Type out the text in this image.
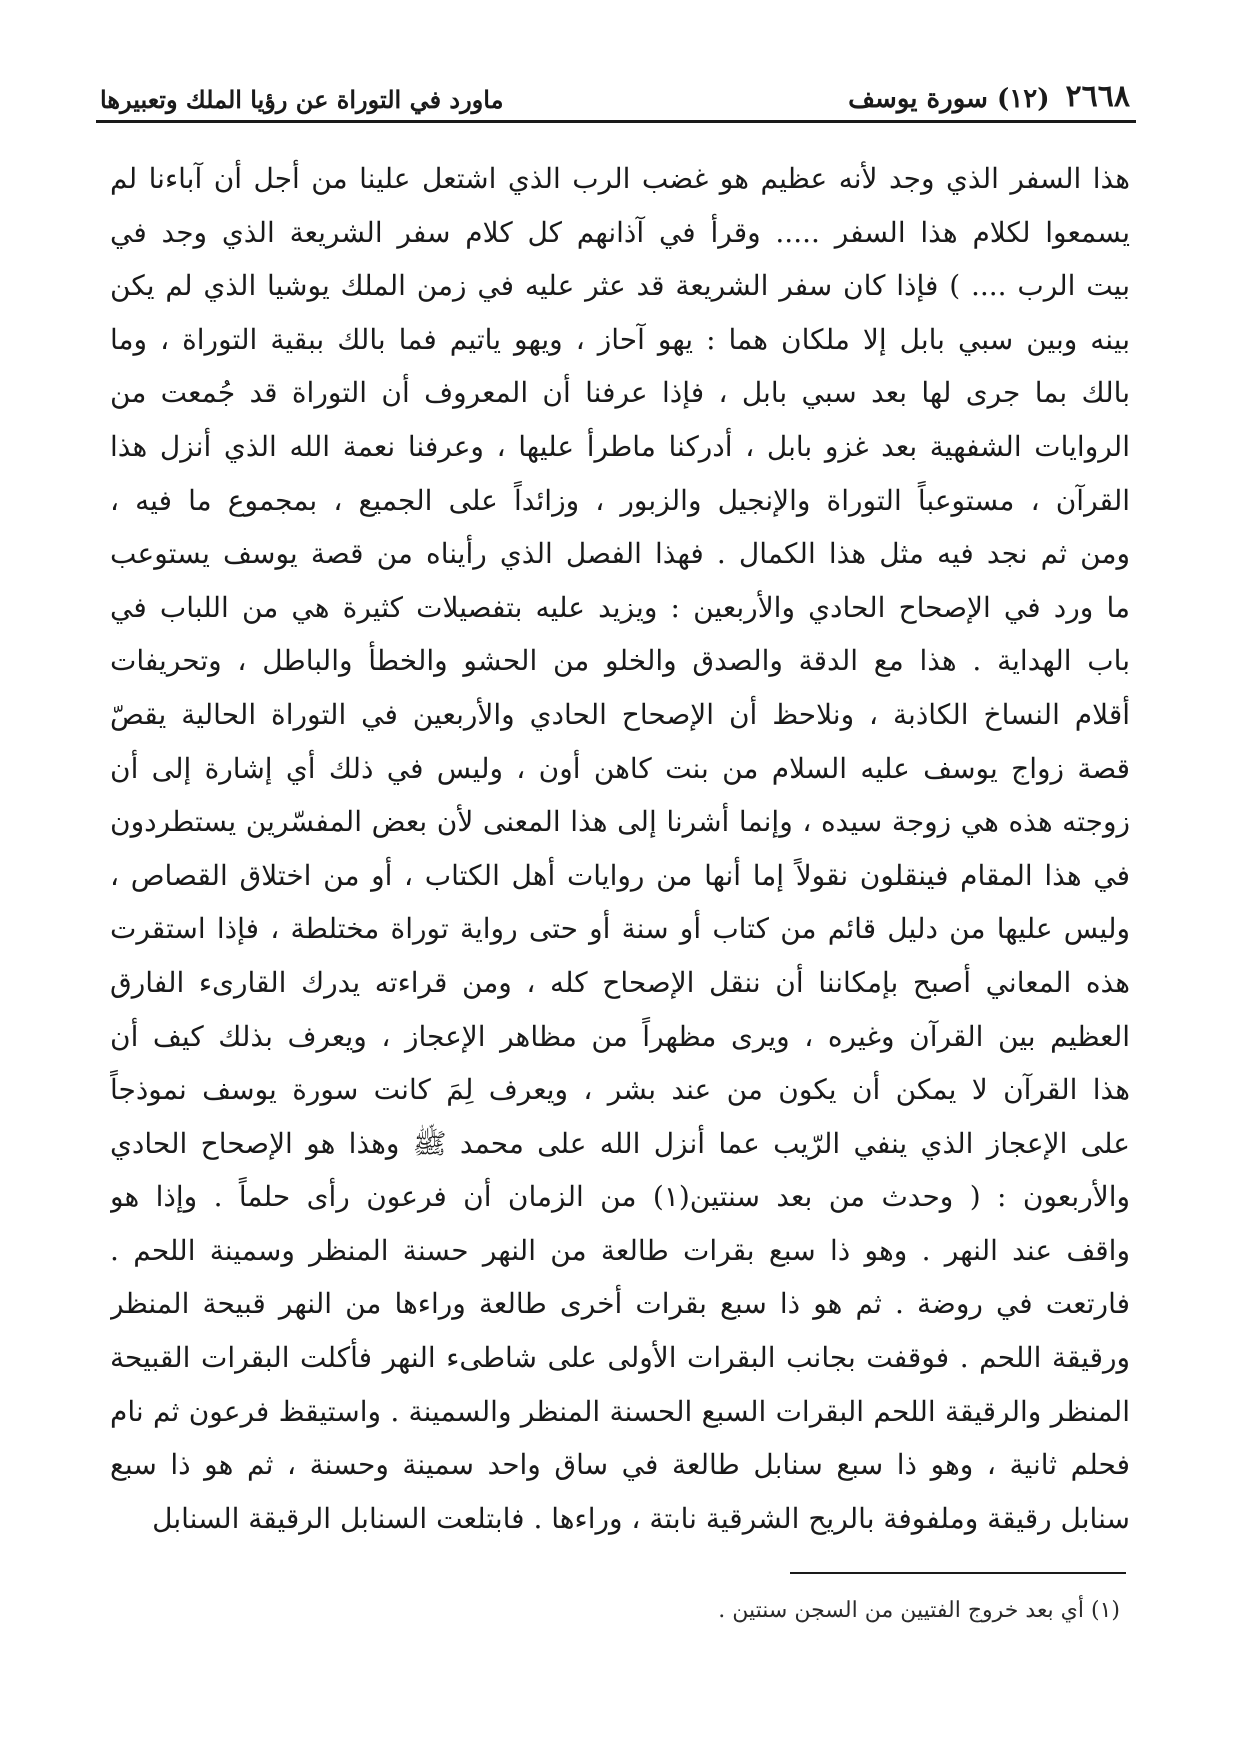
٢٦٦٨
(١٢) سورة يوسف
ماورد في التوراة عن رؤيا الملك وتعبيرها
هذا السفر الذي وجد لأنه عظيم هو غضب الرب الذي اشتعل علينا من أجل أن آباءنا لم
يسمعوا لكلام هذا السفر ..... وقرأ في آذانهم كل كلام سفر الشريعة الذي وجد في
بيت الرب .... ) فإذا كان سفر الشريعة قد عثر عليه في زمن الملك يوشيا الذي لم يكن
بينه وبين سبي بابل إلا ملكان هما : يهو آحاز ، ويهو ياتيم فما بالك ببقية التوراة ، وما
بالك بما جرى لها بعد سبي بابل ، فإذا عرفنا أن المعروف أن التوراة قد جُمعت من
الروايات الشفهية بعد غزو بابل ، أدركنا ماطرأ عليها ، وعرفنا نعمة الله الذي أنزل هذا
القرآن ، مستوعباً التوراة والإنجيل والزبور ، وزائداً على الجميع ، بمجموع ما فيه ،
ومن ثم نجد فيه مثل هذا الكمال . فهذا الفصل الذي رأيناه من قصة يوسف يستوعب
ما ورد في الإصحاح الحادي والأربعين : ويزيد عليه بتفصيلات كثيرة هي من اللباب في
باب الهداية . هذا مع الدقة والصدق والخلو من الحشو والخطأ والباطل ، وتحريفات
أقلام النساخ الكاذبة ، ونلاحظ أن الإصحاح الحادي والأربعين في التوراة الحالية يقصّ
قصة زواج يوسف عليه السلام من بنت كاهن أون ، وليس في ذلك أي إشارة إلى أن
زوجته هذه هي زوجة سيده ، وإنما أشرنا إلى هذا المعنى لأن بعض المفسّرين يستطردون
في هذا المقام فينقلون نقولاً إما أنها من روايات أهل الكتاب ، أو من اختلاق القصاص ،
وليس عليها من دليل قائم من كتاب أو سنة أو حتى رواية توراة مختلطة ، فإذا استقرت
هذه المعاني أصبح بإمكاننا أن ننقل الإصحاح كله ، ومن قراءته يدرك القارىء الفارق
العظيم بين القرآن وغيره ، ويرى مظهراً من مظاهر الإعجاز ، ويعرف بذلك كيف أن
هذا القرآن لا يمكن أن يكون من عند بشر ، ويعرف لِمَ كانت سورة يوسف نموذجاً
على الإعجاز الذي ينفي الرّيب عما أنزل الله على محمد ﷺ وهذا هو الإصحاح الحادي
والأربعون : ( وحدث من بعد سنتين(١) من الزمان أن فرعون رأى حلماً . وإذا هو
واقف عند النهر . وهو ذا سبع بقرات طالعة من النهر حسنة المنظر وسمينة اللحم .
فارتعت في روضة . ثم هو ذا سبع بقرات أخرى طالعة وراءها من النهر قبيحة المنظر
ورقيقة اللحم . فوقفت بجانب البقرات الأولى على شاطىء النهر فأكلت البقرات القبيحة
المنظر والرقيقة اللحم البقرات السبع الحسنة المنظر والسمينة . واستيقظ فرعون ثم نام
فحلم ثانية ، وهو ذا سبع سنابل طالعة في ساق واحد سمينة وحسنة ، ثم هو ذا سبع
سنابل رقيقة وملفوفة بالريح الشرقية نابتة ، وراءها . فابتلعت السنابل الرقيقة السنابل
(١) أي بعد خروج الفتيين من السجن سنتين .
